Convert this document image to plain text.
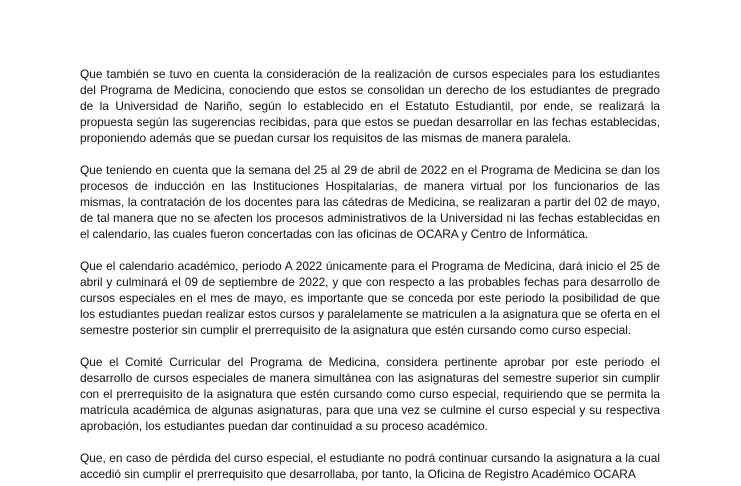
Que también se tuvo en cuenta la consideración de la realización de cursos especiales para los estudiantes del Programa de Medicina, conociendo que estos se consolidan un derecho de los estudiantes de pregrado de la Universidad de Nariño, según lo establecido en el Estatuto Estudiantil, por ende, se realizará la propuesta según las sugerencias recibidas, para que estos se puedan desarrollar en las fechas establecidas, proponiendo además que se puedan cursar los requisitos de las mismas de manera paralela.

Que teniendo en cuenta que la semana del 25 al 29 de abril de 2022 en el Programa de Medicina se dan los procesos de inducción en las Instituciones Hospitalarias, de manera virtual por los funcionarios de las mismas, la contratación de los docentes para las cátedras de Medicina, se realizaran a partir del 02 de mayo, de tal manera que no se afecten los procesos administrativos de la Universidad ni las fechas establecidas en el calendario, las cuales fueron concertadas con las oficinas de OCARA y Centro de Informática.

Que el calendario académico, periodo A 2022 únicamente para el Programa de Medicina, dará inicio el 25 de abril y culminará el 09 de septiembre de 2022, y que con respecto a las probables fechas para desarrollo de cursos especiales en el mes de mayo, es importante que se conceda por este periodo la posibilidad de que los estudiantes puedan realizar estos cursos y paralelamente se matriculen a la asignatura que se oferta en el semestre posterior sin cumplir el prerrequisito de la asignatura que estén cursando como curso especial.

Que el Comité Curricular del Programa de Medicina, considera pertinente aprobar por este periodo el desarrollo de cursos especiales de manera simultánea con las asignaturas del semestre superior sin cumplir con el prerrequisito de la asignatura que estén cursando como curso especial, requiriendo que se permita la matrícula académica de algunas asignaturas, para que una vez se culmine el curso especial y su respectiva aprobación, los estudiantes puedan dar continuidad a su proceso académico.

Que, en caso de pérdida del curso especial, el estudiante no podrá continuar cursando la asignatura a la cual accedió sin cumplir el prerrequisito que desarrollaba, por tanto, la Oficina de Registro Académico OCARA
